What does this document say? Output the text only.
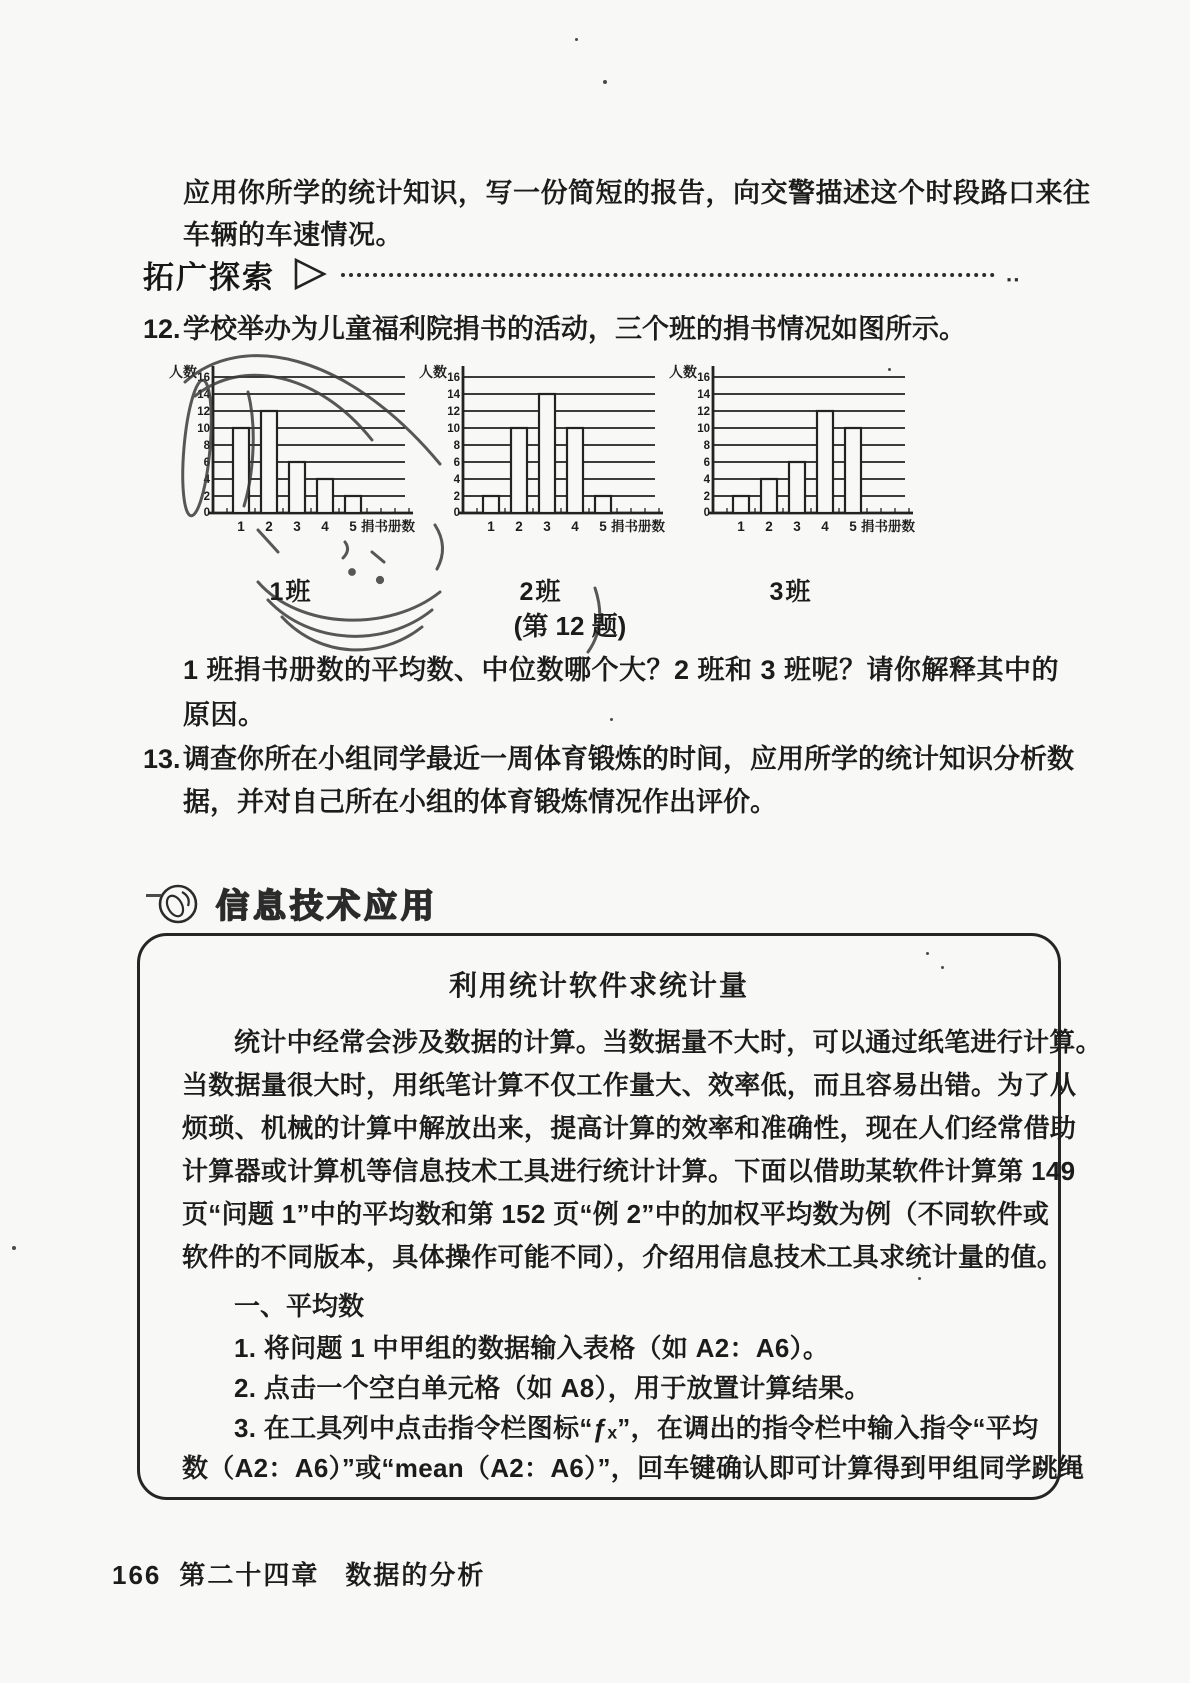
应用你所学的统计知识，写一份简短的报告，向交警描述这个时段路口来往
车辆的车速情况。
拓广探索	‥
12. 学校举办为儿童福利院捐书的活动，三个班的捐书情况如图所示。
0
2
4
6
8
10
12
14
16
1 2 3 4 5
人数
捐书册数
0
2
4
6
8
10
12
14
16
1 2 3 4 5
人数
捐书册数
0
2
4
6
8
10
12
14
16
1 2 3 4 5
人数
捐书册数
1班	2班	3班
(第 12 题)
1 班捐书册数的平均数、中位数哪个大？2 班和 3 班呢？请你解释其中的
原因。
13. 调查你所在小组同学最近一周体育锻炼的时间，应用所学的统计知识分析数
据，并对自己所在小组的体育锻炼情况作出评价。
信息技术应用
利用统计软件求统计量
统计中经常会涉及数据的计算。当数据量不大时，可以通过纸笔进行计算。
当数据量很大时，用纸笔计算不仅工作量大、效率低，而且容易出错。为了从
烦琐、机械的计算中解放出来，提高计算的效率和准确性，现在人们经常借助
计算器或计算机等信息技术工具进行统计计算。下面以借助某软件计算第 149
页“问题 1”中的平均数和第 152 页“例 2”中的加权平均数为例（不同软件或
软件的不同版本，具体操作可能不同），介绍用信息技术工具求统计量的值。
一、平均数
1. 将问题 1 中甲组的数据输入表格（如 A2：A6）。
2. 点击一个空白单元格（如 A8），用于放置计算结果。
3. 在工具列中点击指令栏图标“ƒₓ”，在调出的指令栏中输入指令“平均
数（A2：A6）”或“mean（A2：A6）”，回车键确认即可计算得到甲组同学跳绳
166 第二十四章 数据的分析
